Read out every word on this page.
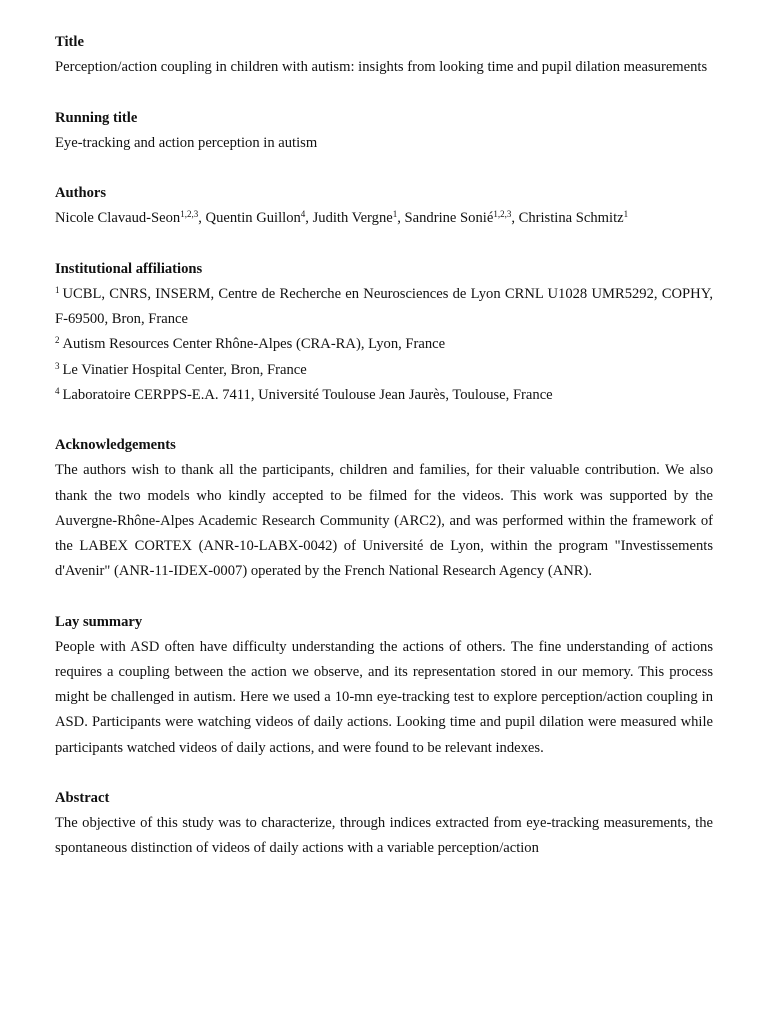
Title

Perception/action coupling in children with autism: insights from looking time and pupil dilation measurements

Running title

Eye-tracking and action perception in autism

Authors

Nicole Clavaud-Seon$^{1,2,3}$, Quentin Guillon$^4$, Judith Vergne$^1$, Sandrine Sonié$^{1,2,3}$, Christina Schmitz$^1$

Institutional affiliations

$^1$ UCBL, CNRS, INSERM, Centre de Recherche en Neurosciences de Lyon CRNL U1028 UMR5292, COPHY, F-69500, Bron, France

$^2$ Autism Resources Center Rhône-Alpes (CRA-RA), Lyon, France

$^3$ Le Vinatier Hospital Center, Bron, France

$^4$ Laboratoire CERPPS-E.A. 7411, Université Toulouse Jean Jaurès, Toulouse, France

Acknowledgements

The authors wish to thank all the participants, children and families, for their valuable contribution. We also thank the two models who kindly accepted to be filmed for the videos. This work was supported by the Auvergne-Rhône-Alpes Academic Research Community (ARC2), and was performed within the framework of the LABEX CORTEX (ANR-10-LABX-0042) of Université de Lyon, within the program "Investissements d'Avenir" (ANR-11-IDEX-0007) operated by the French National Research Agency (ANR).

Lay summary

People with ASD often have difficulty understanding the actions of others. The fine understanding of actions requires a coupling between the action we observe, and its representation stored in our memory. This process might be challenged in autism. Here we used a 10-mn eye-tracking test to explore perception/action coupling in ASD. Participants were watching videos of daily actions. Looking time and pupil dilation were measured while participants watched videos of daily actions, and were found to be relevant indexes.

Abstract

The objective of this study was to characterize, through indices extracted from eye-tracking measurements, the spontaneous distinction of videos of daily actions with a variable perception/action
